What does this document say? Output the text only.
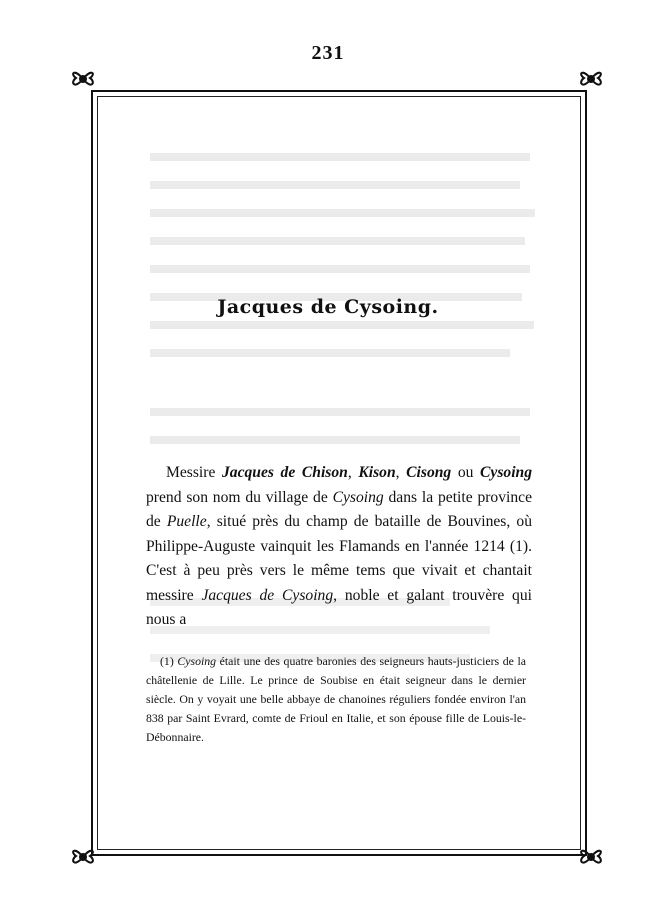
231
Jacques de Cysoing.

Messire Jacques de Chison, Kison, Cisong ou Cysoing prend son nom du village de Cysoing dans la petite province de Puelle, situé près du champ de bataille de Bouvines, où Philippe-Auguste vainquit les Flamands en l'année 1214 (1). C'est à peu près vers le même tems que vivait et chantait messire Jacques de Cysoing, noble et galant trouvère qui nous a

(1) Cysoing était une des quatre baronies des seigneurs hauts-justiciers de la châtellenie de Lille. Le prince de Soubise en était seigneur dans le dernier siècle. On y voyait une belle abbaye de chanoines réguliers fondée environ l'an 838 par Saint Evrard, comte de Frioul en Italie, et son épouse fille de Louis-le-Débonnaire.
